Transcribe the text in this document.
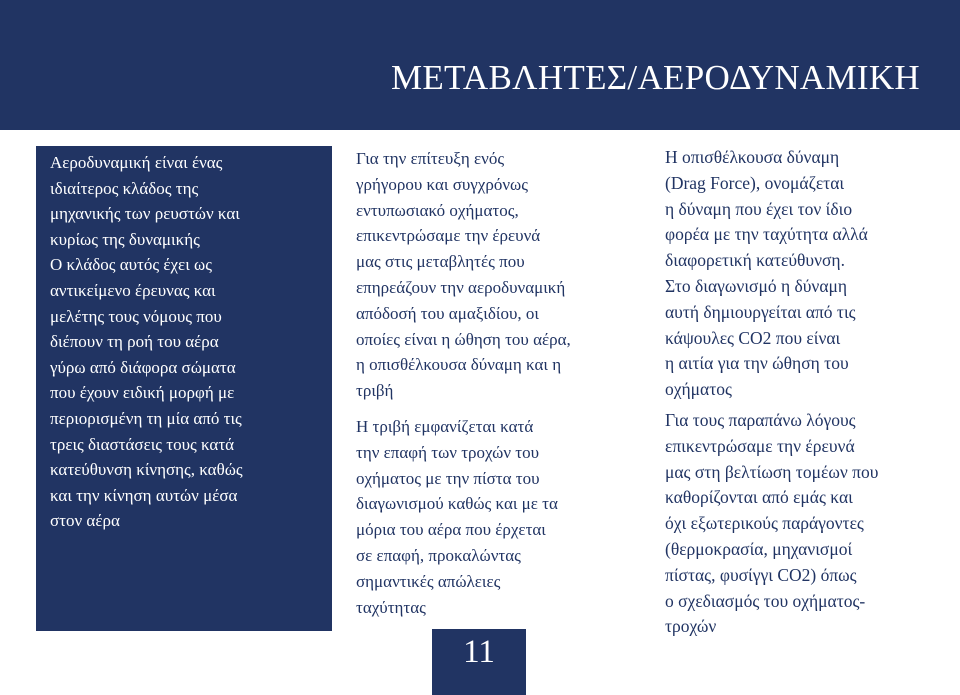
ΜΕΤΑΒΛΗΤΕΣ/ΑΕΡΟΔΥΝΑΜΙΚΗ
Αεροδυναμική είναι ένας
ιδιαίτερος κλάδος της
μηχανικής των ρευστών και
κυρίως της δυναμικής
Ο κλάδος αυτός έχει ως
αντικείμενο έρευνας και
μελέτης τους νόμους που
διέπουν τη ροή του αέρα
γύρω από διάφορα σώματα
που έχουν ειδική μορφή με
περιορισμένη τη μία από τις
τρεις διαστάσεις τους κατά
κατεύθυνση κίνησης, καθώς
και την κίνηση αυτών μέσα
στον αέρα
Για την επίτευξη ενός
γρήγορου και συγχρόνως
εντυπωσιακό οχήματος,
επικεντρώσαμε την έρευνά
μας στις μεταβλητές που
επηρεάζουν την αεροδυναμική
απόδοσή του αμαξιδίου, οι
οποίες είναι η ώθηση του αέρα,
η οπισθέλκουσα δύναμη και η
τριβή
Η τριβή εμφανίζεται κατά
την επαφή των τροχών του
οχήματος με την πίστα του
διαγωνισμού καθώς και με τα
μόρια του αέρα που έρχεται
σε επαφή, προκαλώντας
σημαντικές απώλειες
ταχύτητας
Η οπισθέλκουσα δύναμη
(Drag Force), ονομάζεται
η δύναμη που έχει τον ίδιο
φορέα με την ταχύτητα αλλά
διαφορετική κατεύθυνση.
Στο διαγωνισμό η δύναμη
αυτή δημιουργείται από τις
κάψουλες CO2 που είναι
η αιτία για την ώθηση του
οχήματος
Για τους παραπάνω λόγους
επικεντρώσαμε την έρευνά
μας στη βελτίωση τομέων που
καθορίζονται από εμάς και
όχι εξωτερικούς παράγοντες
(θερμοκρασία, μηχανισμοί
πίστας, φυσίγγι CO2) όπως
ο σχεδιασμός του οχήματος-
τροχών
11
